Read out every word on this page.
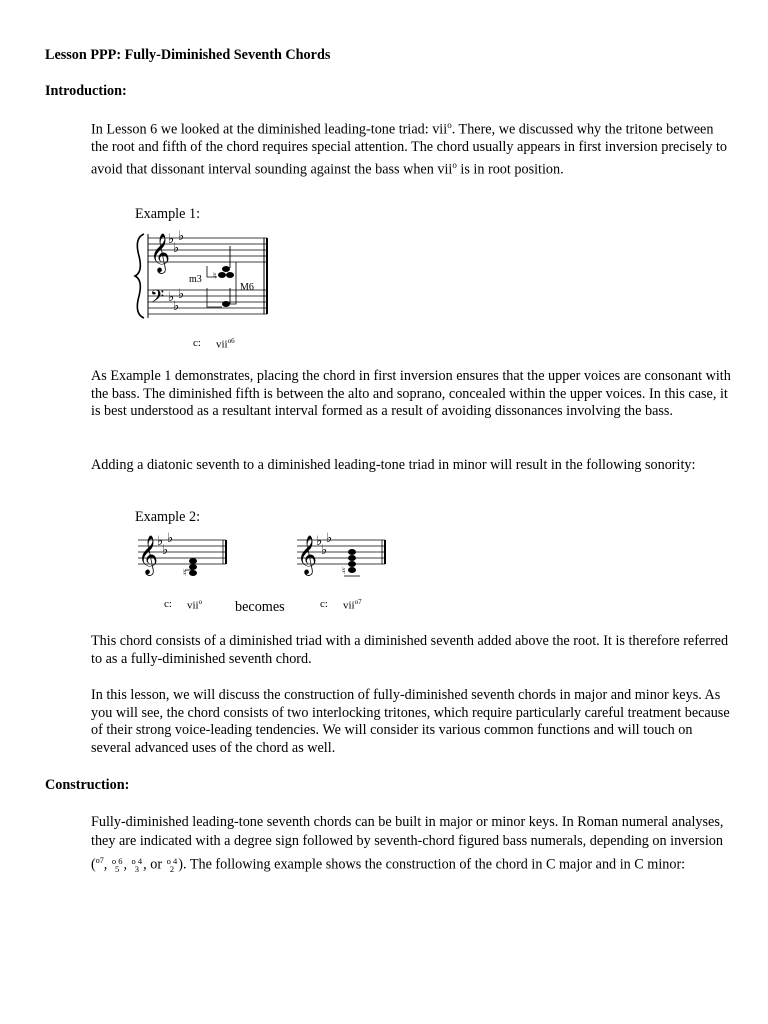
Lesson PPP: Fully-Diminished Seventh Chords
Introduction:
In Lesson 6 we looked at the diminished leading-tone triad: vii$^o$. There, we discussed why the tritone between the root and fifth of the chord requires special attention. The chord usually appears in first inversion precisely to avoid that dissonant interval sounding against the bass when vii$^o$ is in root position.
Example 1:
𝄞
𝄢
♭
♭
♭
♭
♭
♭
m3
M6
♮
c: vii$^{o6}$
As Example 1 demonstrates, placing the chord in first inversion ensures that the upper voices are consonant with the bass. The diminished fifth is between the alto and soprano, concealed within the upper voices. In this case, it is best understood as a resultant interval formed as a result of avoiding dissonances involving the bass.
Adding a diatonic seventh to a diminished leading-tone triad in minor will result in the following sonority:
Example 2:
𝄞	𝄞
♭
♭
♭	♭
♭
♭
♮	♮
c: vii$^o$ becomes	c: vii$^{o7}$
This chord consists of a diminished triad with a diminished seventh added above the root. It is therefore referred to as a fully-diminished seventh chord.
In this lesson, we will discuss the construction of fully-diminished seventh chords in major and minor keys. As you will see, the chord consists of two interlocking tritones, which require particularly careful treatment because of their strong voice-leading tendencies. We will consider its various common functions and will touch on several advanced uses of the chord as well.
Construction:
Fully-diminished leading-tone seventh chords can be built in major or minor keys. In Roman numeral analyses, they are indicated with a degree sign followed by seventh-chord figured bass numerals, depending on inversion ($^{o7}$, o 6
5 , o 4
3 , or o 4
2 ). The following example shows the construction of the chord in C major and in C minor:
